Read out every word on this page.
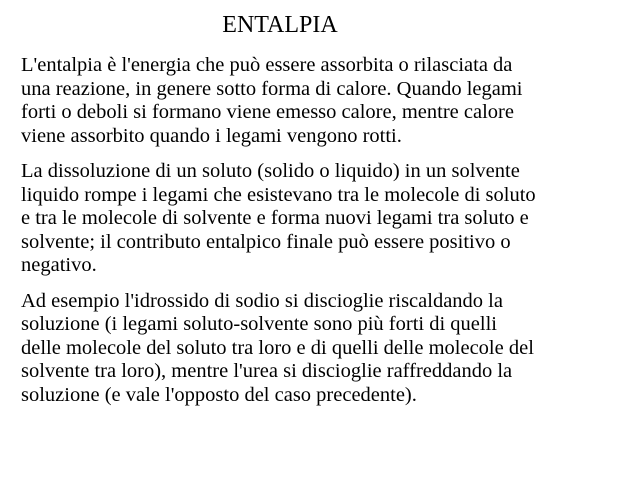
ENTALPIA

L'entalpia è l'energia che può essere assorbita o rilasciata da
una reazione, in genere sotto forma di calore. Quando legami
forti o deboli si formano viene emesso calore, mentre calore
viene assorbito quando i legami vengono rotti.

La dissoluzione di un soluto (solido o liquido) in un solvente
liquido rompe i legami che esistevano tra le molecole di soluto
e tra le molecole di solvente e forma nuovi legami tra soluto e
solvente; il contributo entalpico finale può essere positivo o
negativo.

Ad esempio l'idrossido di sodio si discioglie riscaldando la
soluzione (i legami soluto-solvente sono più forti di quelli
delle molecole del soluto tra loro e di quelli delle molecole del
solvente tra loro), mentre l'urea si discioglie raffreddando la
soluzione (e vale l'opposto del caso precedente).
